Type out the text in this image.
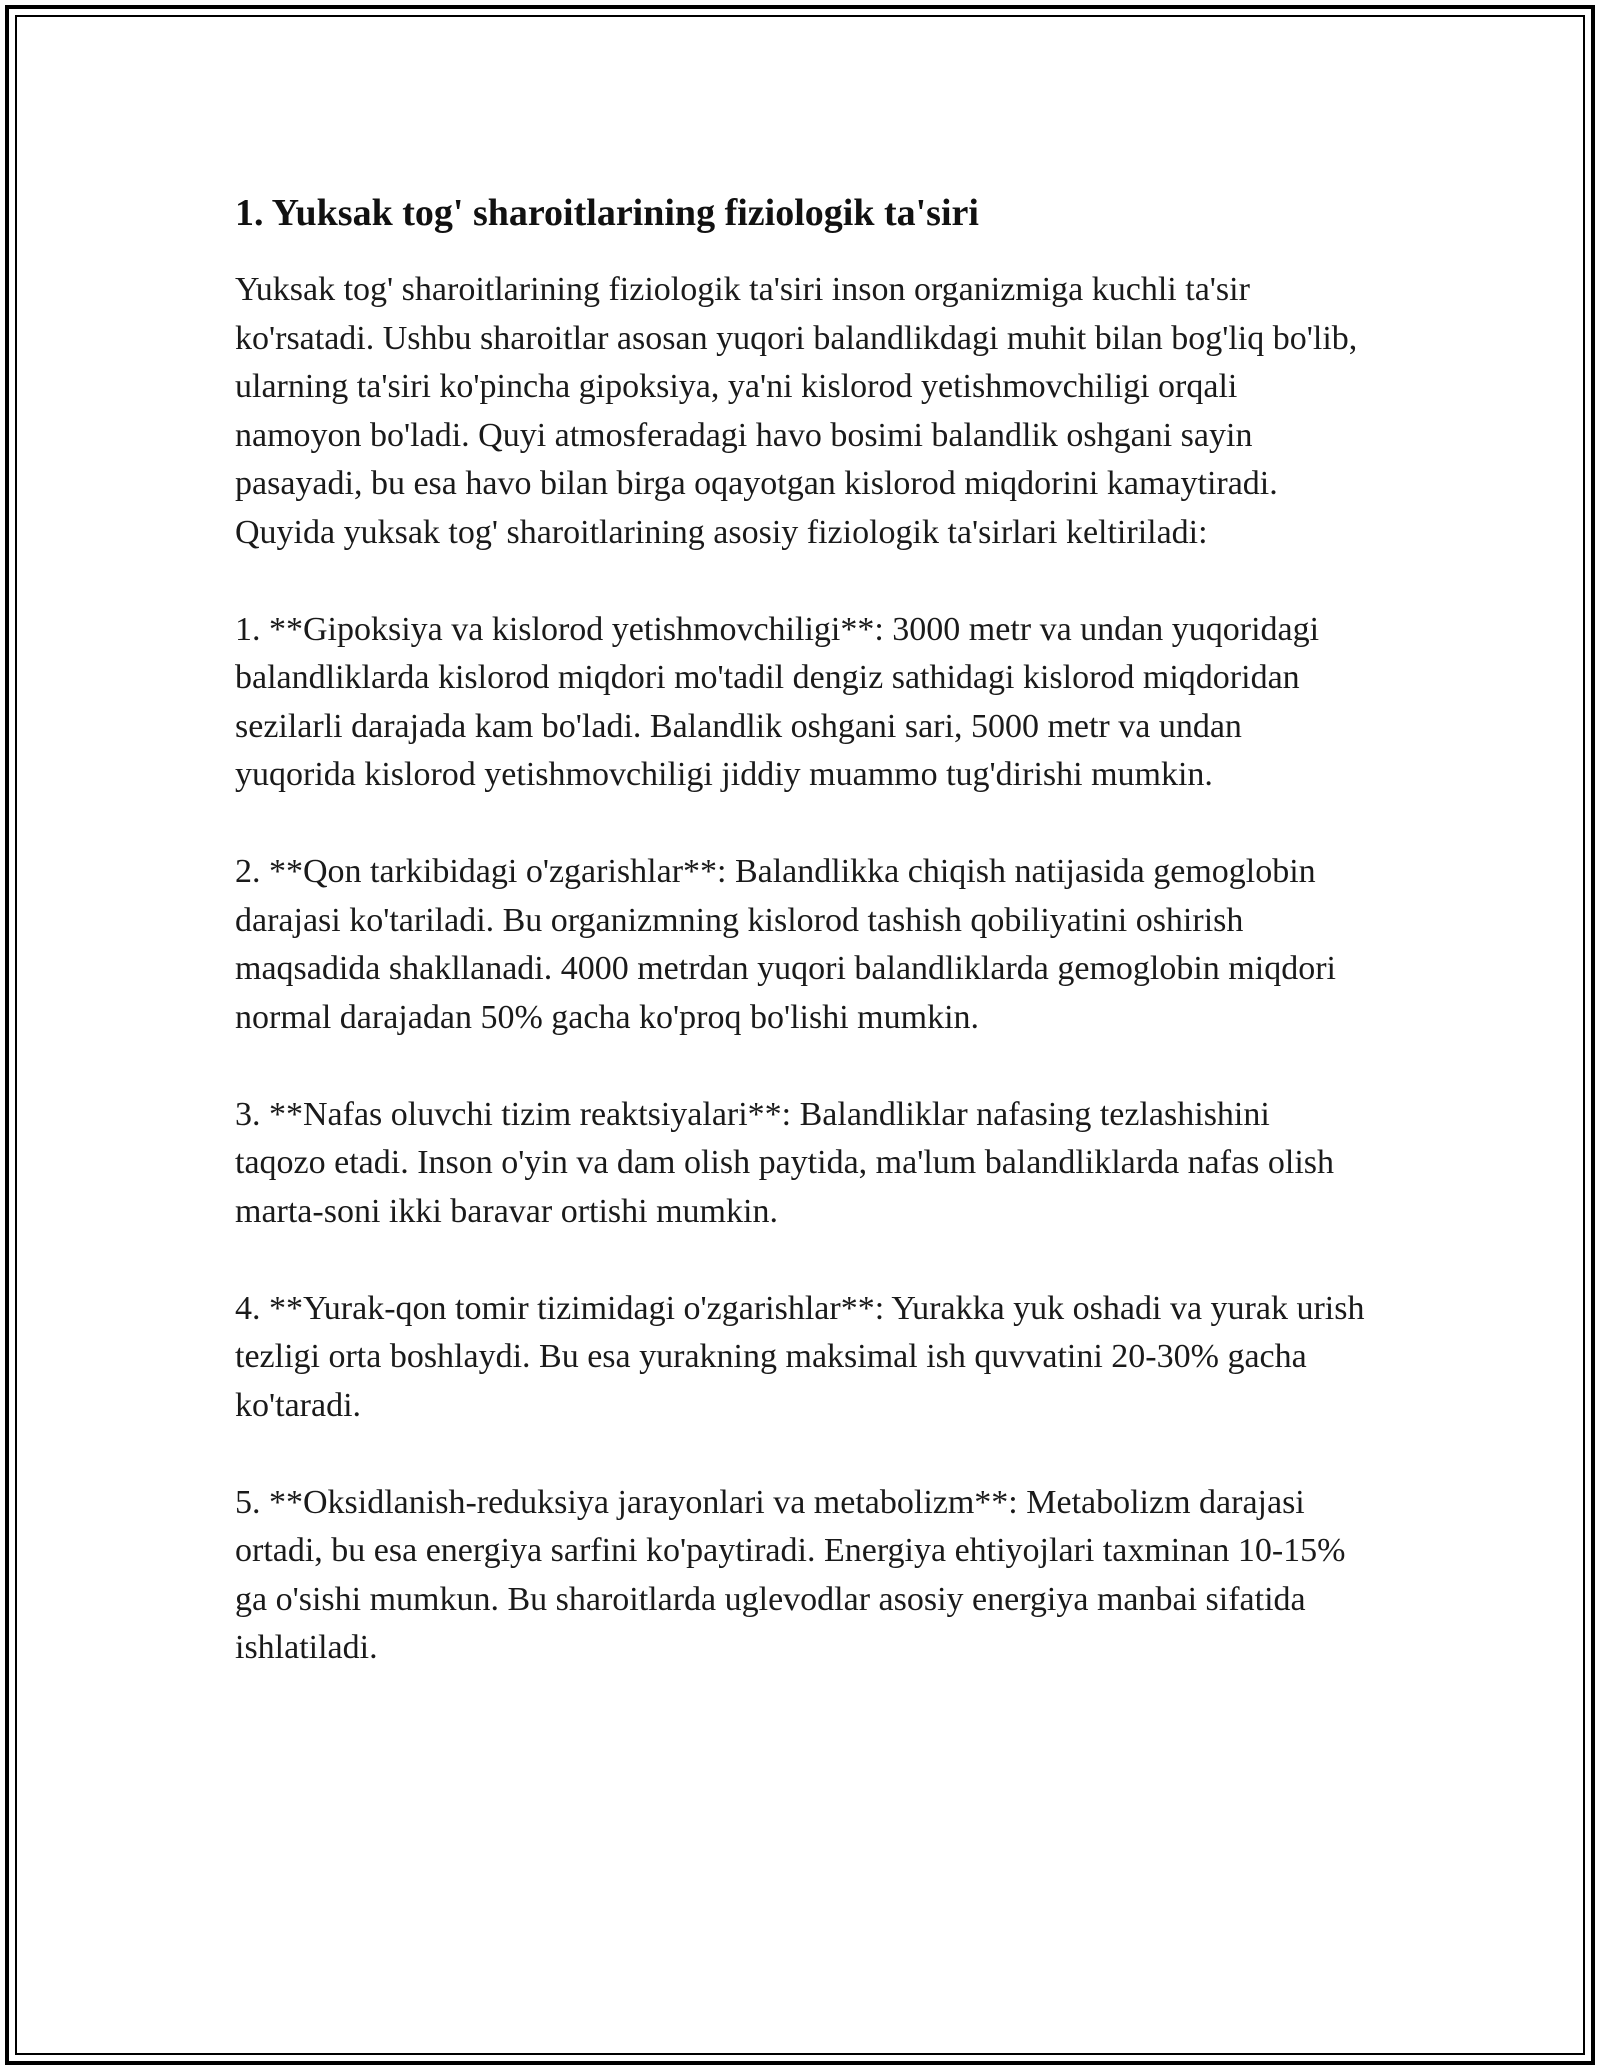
1. Yuksak tog' sharoitlarining fiziologik ta'siri

Yuksak tog' sharoitlarining fiziologik ta'siri inson organizmiga kuchli ta'sir ko'rsatadi. Ushbu sharoitlar asosan yuqori balandlikdagi muhit bilan bog'liq bo'lib, ularning ta'siri ko'pincha gipoksiya, ya'ni kislorod yetishmovchiligi orqali namoyon bo'ladi. Quyi atmosferadagi havo bosimi balandlik oshgani sayin pasayadi, bu esa havo bilan birga oqayotgan kislorod miqdorini kamaytiradi. Quyida yuksak tog' sharoitlarining asosiy fiziologik ta'sirlari keltiriladi:

1. **Gipoksiya va kislorod yetishmovchiligi**: 3000 metr va undan yuqoridagi balandliklarda kislorod miqdori mo'tadil dengiz sathidagi kislorod miqdoridan sezilarli darajada kam bo'ladi. Balandlik oshgani sari, 5000 metr va undan yuqorida kislorod yetishmovchiligi jiddiy muammo tug'dirishi mumkin.

2. **Qon tarkibidagi o'zgarishlar**: Balandlikka chiqish natijasida gemoglobin darajasi ko'tariladi. Bu organizmning kislorod tashish qobiliyatini oshirish maqsadida shakllanadi. 4000 metrdan yuqori balandliklarda gemoglobin miqdori normal darajadan 50% gacha ko'proq bo'lishi mumkin.

3. **Nafas oluvchi tizim reaktsiyalari**: Balandliklar nafasing tezlashishini taqozo etadi. Inson o'yin va dam olish paytida, ma'lum balandliklarda nafas olish marta-soni ikki baravar ortishi mumkin.

4. **Yurak-qon tomir tizimidagi o'zgarishlar**: Yurakka yuk oshadi va yurak urish tezligi orta boshlaydi. Bu esa yurakning maksimal ish quvvatini 20-30% gacha ko'taradi.

5. **Oksidlanish-reduksiya jarayonlari va metabolizm**: Metabolizm darajasi ortadi, bu esa energiya sarfini ko'paytiradi. Energiya ehtiyojlari taxminan 10-15% ga o'sishi mumkun. Bu sharoitlarda uglevodlar asosiy energiya manbai sifatida ishlatiladi.
